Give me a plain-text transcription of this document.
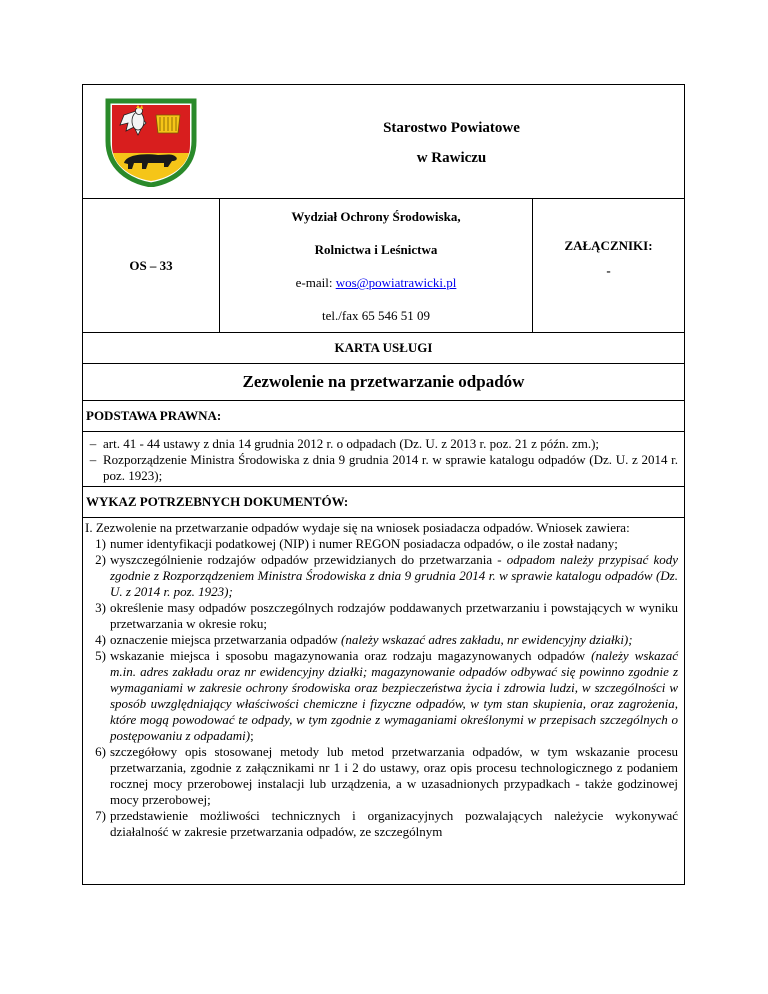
Starostwo Powiatowe
w Rawiczu
OS – 33
Wydział Ochrony Środowiska,
Rolnictwa i Leśnictwa
e-mail: wos@powiatrawicki.pl
tel./fax 65 546 51 09
ZAŁĄCZNIKI:
-
KARTA USŁUGI
Zezwolenie na przetwarzanie odpadów
PODSTAWA PRAWNA:
– art. 41 - 44 ustawy z dnia 14 grudnia 2012 r. o odpadach (Dz. U. z 2013 r. poz. 21 z późn. zm.);
– Rozporządzenie Ministra Środowiska z dnia 9 grudnia 2014 r. w sprawie katalogu odpadów (Dz. U. z 2014 r. poz. 1923);
WYKAZ POTRZEBNYCH DOKUMENTÓW:

I. Zezwolenie na przetwarzanie odpadów wydaje się na wniosek posiadacza odpadów. Wniosek zawiera:

1) numer identyfikacji podatkowej (NIP) i numer REGON posiadacza odpadów, o ile został nadany;
2) wyszczególnienie rodzajów odpadów przewidzianych do przetwarzania - odpadom należy przypisać kody zgodnie z Rozporządzeniem Ministra Środowiska z dnia 9 grudnia 2014 r. w sprawie katalogu odpadów (Dz. U. z 2014 r. poz. 1923);
3) określenie masy odpadów poszczególnych rodzajów poddawanych przetwarzaniu i powstających w wyniku przetwarzania w okresie roku;
4) oznaczenie miejsca przetwarzania odpadów (należy wskazać adres zakładu, nr ewidencyjny działki);
5) wskazanie miejsca i sposobu magazynowania oraz rodzaju magazynowanych odpadów (należy wskazać m.in. adres zakładu oraz nr ewidencyjny działki; magazynowanie odpadów odbywać się powinno zgodnie z wymaganiami w zakresie ochrony środowiska oraz bezpieczeństwa życia i zdrowia ludzi, w szczególności w sposób uwzględniający właściwości chemiczne i fizyczne odpadów, w tym stan skupienia, oraz zagrożenia, które mogą powodować te odpady, w tym zgodnie z wymaganiami określonymi w przepisach szczególnych o postępowaniu z odpadami);
6) szczegółowy opis stosowanej metody lub metod przetwarzania odpadów, w tym wskazanie procesu przetwarzania, zgodnie z załącznikami nr 1 i 2 do ustawy, oraz opis procesu technologicznego z podaniem rocznej mocy przerobowej instalacji lub urządzenia, a w uzasadnionych przypadkach - także godzinowej mocy przerobowej;
7) przedstawienie możliwości technicznych i organizacyjnych pozwalających należycie wykonywać działalność w zakresie przetwarzania odpadów, ze szczególnym
